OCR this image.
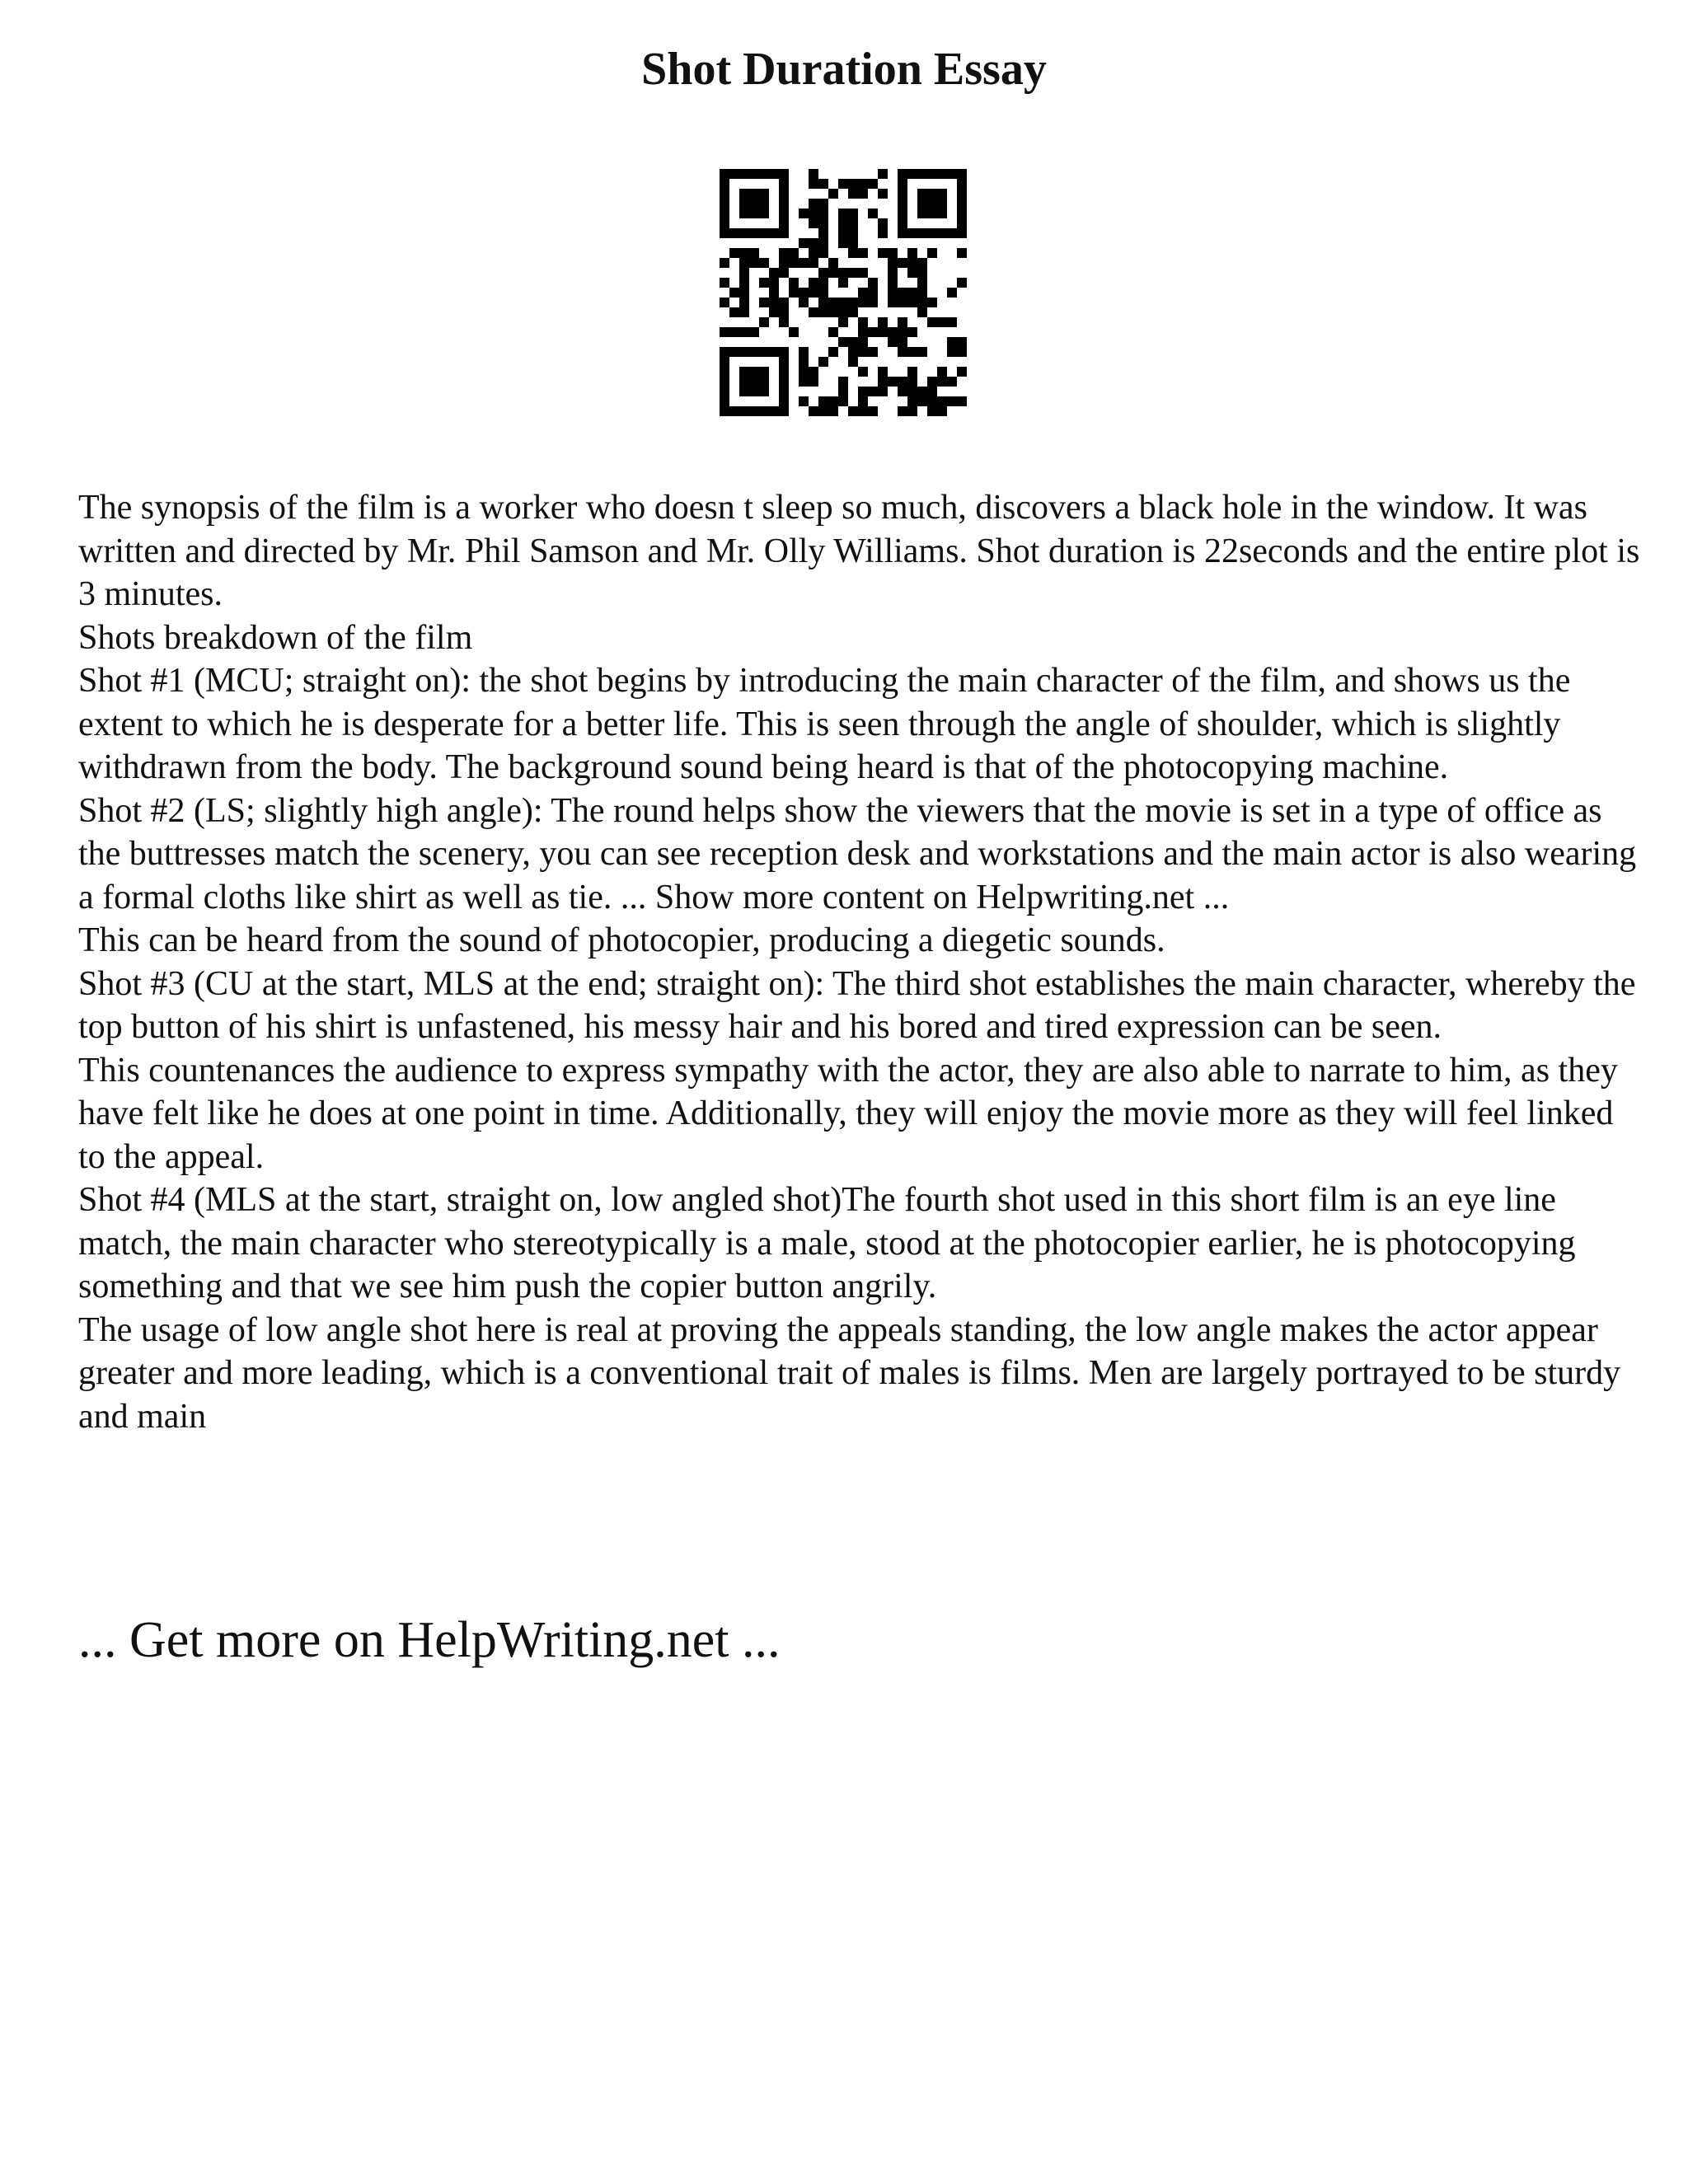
Shot Duration Essay

The synopsis of the film is a worker who doesn t sleep so much, discovers a black hole in the window. It was written and directed by Mr. Phil Samson and Mr. Olly Williams. Shot duration is 22seconds and the entire plot is 3 minutes.

Shots breakdown of the film

Shot #1 (MCU; straight on): the shot begins by introducing the main character of the film, and shows us the extent to which he is desperate for a better life. This is seen through the angle of shoulder, which is slightly withdrawn from the body. The background sound being heard is that of the photocopying machine.

Shot #2 (LS; slightly high angle): The round helps show the viewers that the movie is set in a type of office as the buttresses match the scenery, you can see reception desk and workstations and the main actor is also wearing a formal cloths like shirt as well as tie. ... Show more content on Helpwriting.net ...

This can be heard from the sound of photocopier, producing a diegetic sounds.

Shot #3 (CU at the start, MLS at the end; straight on): The third shot establishes the main character, whereby the top button of his shirt is unfastened, his messy hair and his bored and tired expression can be seen.

This countenances the audience to express sympathy with the actor, they are also able to narrate to him, as they have felt like he does at one point in time. Additionally, they will enjoy the movie more as they will feel linked to the appeal.

Shot #4 (MLS at the start, straight on, low angled shot)The fourth shot used in this short film is an eye line match, the main character who stereotypically is a male, stood at the photocopier earlier, he is photocopying something and that we see him push the copier button angrily.

The usage of low angle shot here is real at proving the appeals standing, the low angle makes the actor appear greater and more leading, which is a conventional trait of males is films. Men are largely portrayed to be sturdy and main

... Get more on HelpWriting.net ...
